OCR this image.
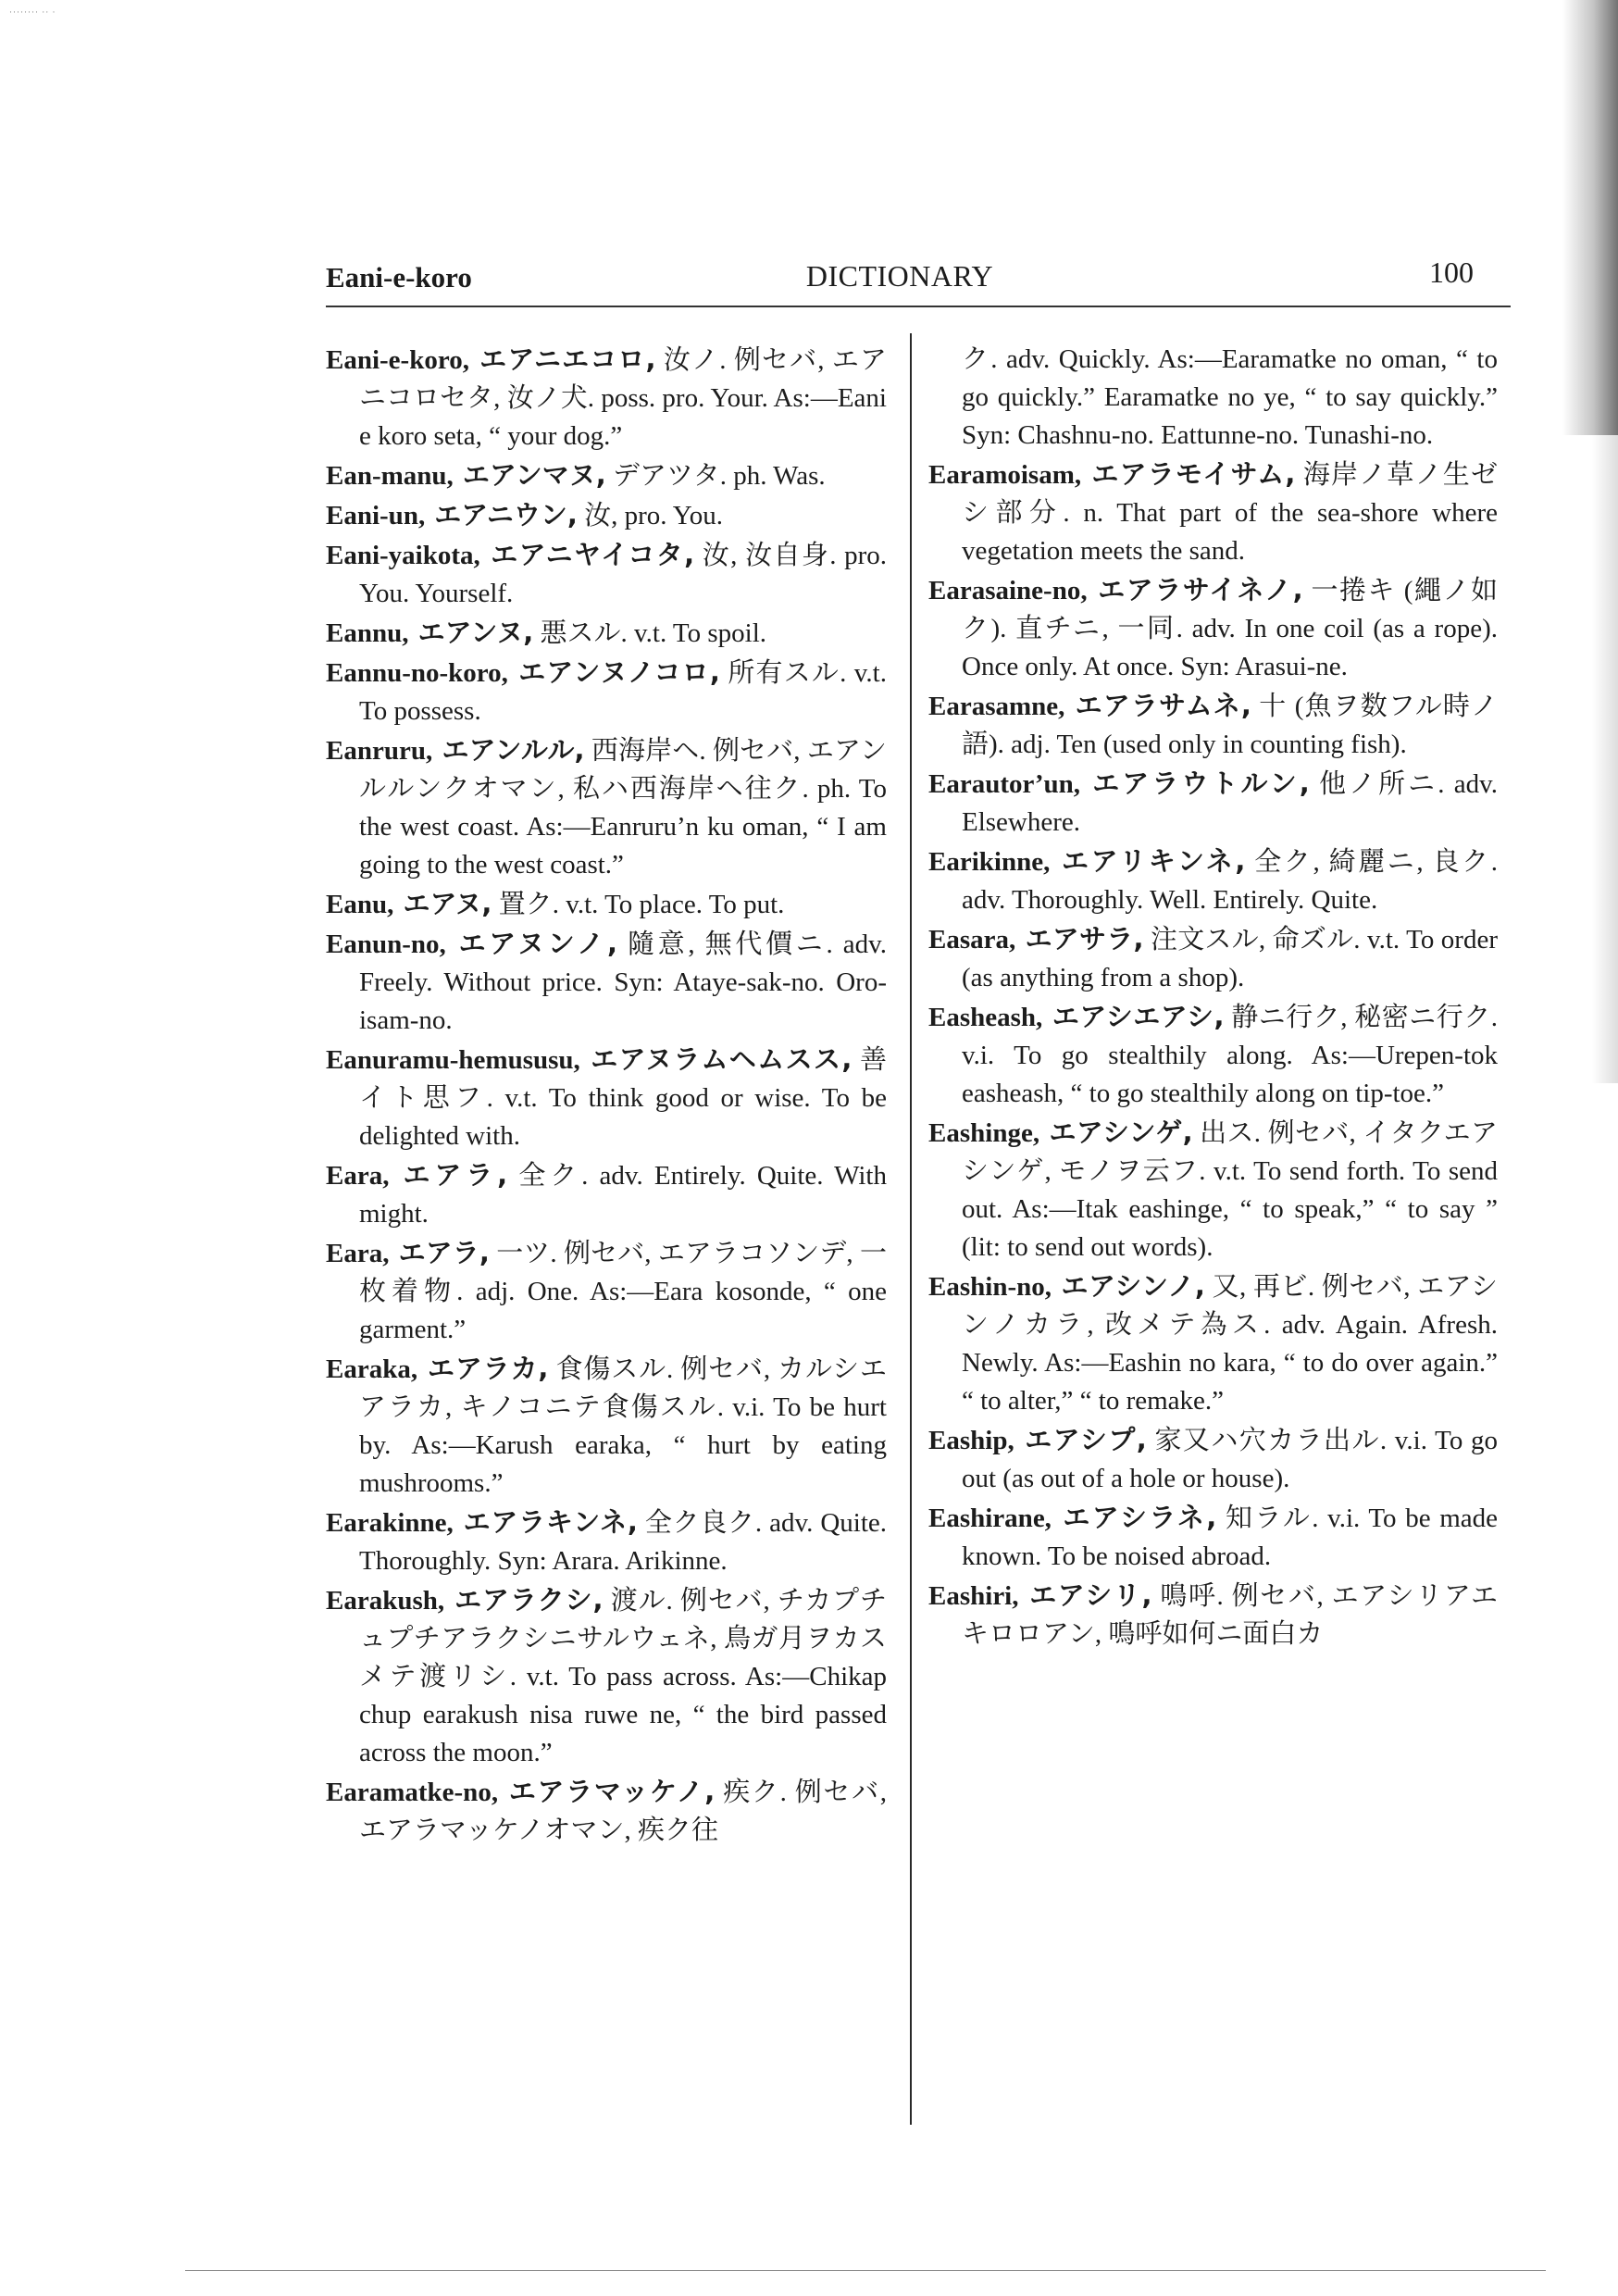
········ ·· ·
Eani-e-koro	DICTIONARY	100

Eani-e-koro, エアニエコロ, 汝ノ. 例セバ, エアニコロセタ, 汝ノ犬. poss. pro. Your. As:—Eani e koro seta, “ your dog.”

Ean-manu, エアンマヌ, デアツタ. ph. Was.

Eani-un, エアニウン, 汝, pro. You.

Eani-yaikota, エアニヤイコタ, 汝, 汝自身. pro. You. Yourself.

Eannu, エアンヌ, 悪スル. v.t. To spoil.

Eannu-no-koro, エアンヌノコロ, 所有スル. v.t. To possess.

Eanruru, エアンルル, 西海岸ヘ. 例セバ, エアンルルンクオマン, 私ハ西海岸ヘ往ク. ph. To the west coast. As:—Eanruru’n ku oman, “ I am going to the west coast.”

Eanu, エアヌ, 置ク. v.t. To place. To put.

Eanun-no, エアヌンノ, 隨意, 無代價ニ. adv. Freely. Without price. Syn: Ataye-sak-no. Oro-isam-no.

Eanuramu-hemususu, エアヌラムヘムスス, 善イト思フ. v.t. To think good or wise. To be delighted with.

Eara, エアラ, 全ク. adv. Entirely. Quite. With might.

Eara, エアラ, 一ツ. 例セバ, エアラコソンデ, 一枚着物. adj. One. As:—Eara kosonde, “ one garment.”

Earaka, エアラカ, 食傷スル. 例セバ, カルシエアラカ, キノコニテ食傷スル. v.i. To be hurt by. As:—Karush earaka, “ hurt by eating mushrooms.”

Earakinne, エアラキンネ, 全ク良ク. adv. Quite. Thoroughly. Syn: Arara. Arikinne.

Earakush, エアラクシ, 渡ル. 例セバ, チカプチュプチアラクシニサルウェネ, 鳥ガ月ヲカスメテ渡リシ. v.t. To pass across. As:—Chikap chup earakush nisa ruwe ne, “ the bird passed across the moon.”

Earamatke-no, エアラマッケノ, 疾ク. 例セバ, エアラマッケノオマン, 疾ク往

ク. adv. Quickly. As:—Earamatke no oman, “ to go quickly.” Earamatke no ye, “ to say quickly.” Syn: Chashnu-no. Eattunne-no. Tunashi-no.

Earamoisam, エアラモイサム, 海岸ノ草ノ生ゼシ部分. n. That part of the sea-shore where vegetation meets the sand.

Earasaine-no, エアラサイネノ, 一捲キ (繩ノ如ク). 直チニ, 一同. adv. In one coil (as a rope). Once only. At once. Syn: Arasui-ne.

Earasamne, エアラサムネ, 十 (魚ヲ数フル時ノ語). adj. Ten (used only in counting fish).

Earautor’un, エアラウトルン, 他ノ所ニ. adv. Elsewhere.

Earikinne, エアリキンネ, 全ク, 綺麗ニ, 良ク. adv. Thoroughly. Well. Entirely. Quite.

Easara, エアサラ, 注文スル, 命ズル. v.t. To order (as anything from a shop).

Easheash, エアシエアシ, 静ニ行ク, 秘密ニ行ク. v.i. To go stealthily along. As:—Urepen-tok easheash, “ to go stealthily along on tip-toe.”

Eashinge, エアシンゲ, 出ス. 例セバ, イタクエアシンゲ, モノヲ云フ. v.t. To send forth. To send out. As:—Itak eashinge, “ to speak,” “ to say ” (lit: to send out words).

Eashin-no, エアシンノ, 又, 再ビ. 例セバ, エアシンノカラ, 改メテ為ス. adv. Again. Afresh. Newly. As:—Eashin no kara, “ to do over again.” “ to alter,” “ to remake.”

Eaship, エアシプ, 家又ハ穴カラ出ル. v.i. To go out (as out of a hole or house).

Eashirane, エアシラネ, 知ラル. v.i. To be made known. To be noised abroad.

Eashiri, エアシリ, 鳴呼. 例セバ, エアシリアエキロロアン, 鳴呼如何ニ面白カ
